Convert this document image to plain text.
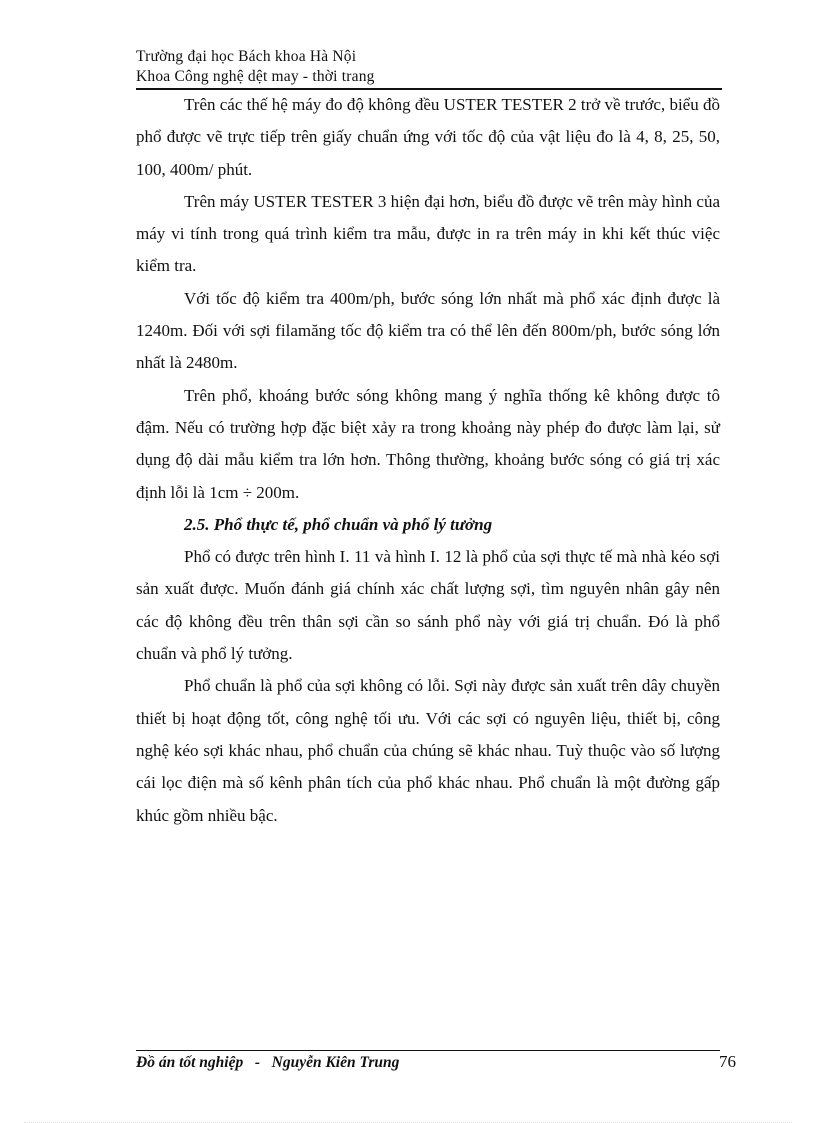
Trường đại học Bách khoa Hà Nội
Khoa Công nghệ dệt may - thời trang

Trên các thế hệ máy đo độ không đều USTER TESTER 2 trở về trước, biểu đồ phổ được vẽ trực tiếp trên giấy chuẩn ứng với tốc độ của vật liệu đo là 4, 8, 25, 50, 100, 400m/ phút.

Trên máy USTER TESTER 3 hiện đại hơn, biểu đồ được vẽ trên mày hình của máy vi tính trong quá trình kiểm tra mẫu, được in ra trên máy in khi kết thúc việc kiểm tra.

Với tốc độ kiểm tra 400m/ph, bước sóng lớn nhất mà phổ xác định được là 1240m. Đối với sợi filamăng tốc độ kiểm tra có thể lên đến 800m/ph, bước sóng lớn nhất là 2480m.

Trên phổ, khoáng bước sóng không mang ý nghĩa thống kê không được tô đậm. Nếu có trường hợp đặc biệt xảy ra trong khoảng này phép đo được làm lại, sử dụng độ dài mẫu kiểm tra lớn hơn. Thông thường, khoảng bước sóng có giá trị xác định lỗi là 1cm ÷ 200m.

2.5. Phổ thực tế, phổ chuẩn và phổ lý tưởng

Phổ có được trên hình I. 11 và hình I. 12 là phổ của sợi thực tế mà nhà kéo sợi sản xuất được. Muốn đánh giá chính xác chất lượng sợi, tìm nguyên nhân gây nên các độ không đều trên thân sợi cần so sánh phổ này với giá trị chuẩn. Đó là phổ chuẩn và phổ lý tưởng.

Phổ chuẩn là phổ của sợi không có lỗi. Sợi này được sản xuất trên dây chuyền thiết bị hoạt động tốt, công nghệ tối ưu. Với các sợi có nguyên liệu, thiết bị, công nghệ kéo sợi khác nhau, phổ chuẩn của chúng sẽ khác nhau. Tuỳ thuộc vào số lượng cái lọc điện mà số kênh phân tích của phổ khác nhau. Phổ chuẩn là một đường gấp khúc gồm nhiều bậc.

Đồ án tốt nghiệp   -   Nguyễn Kiên Trung	76
